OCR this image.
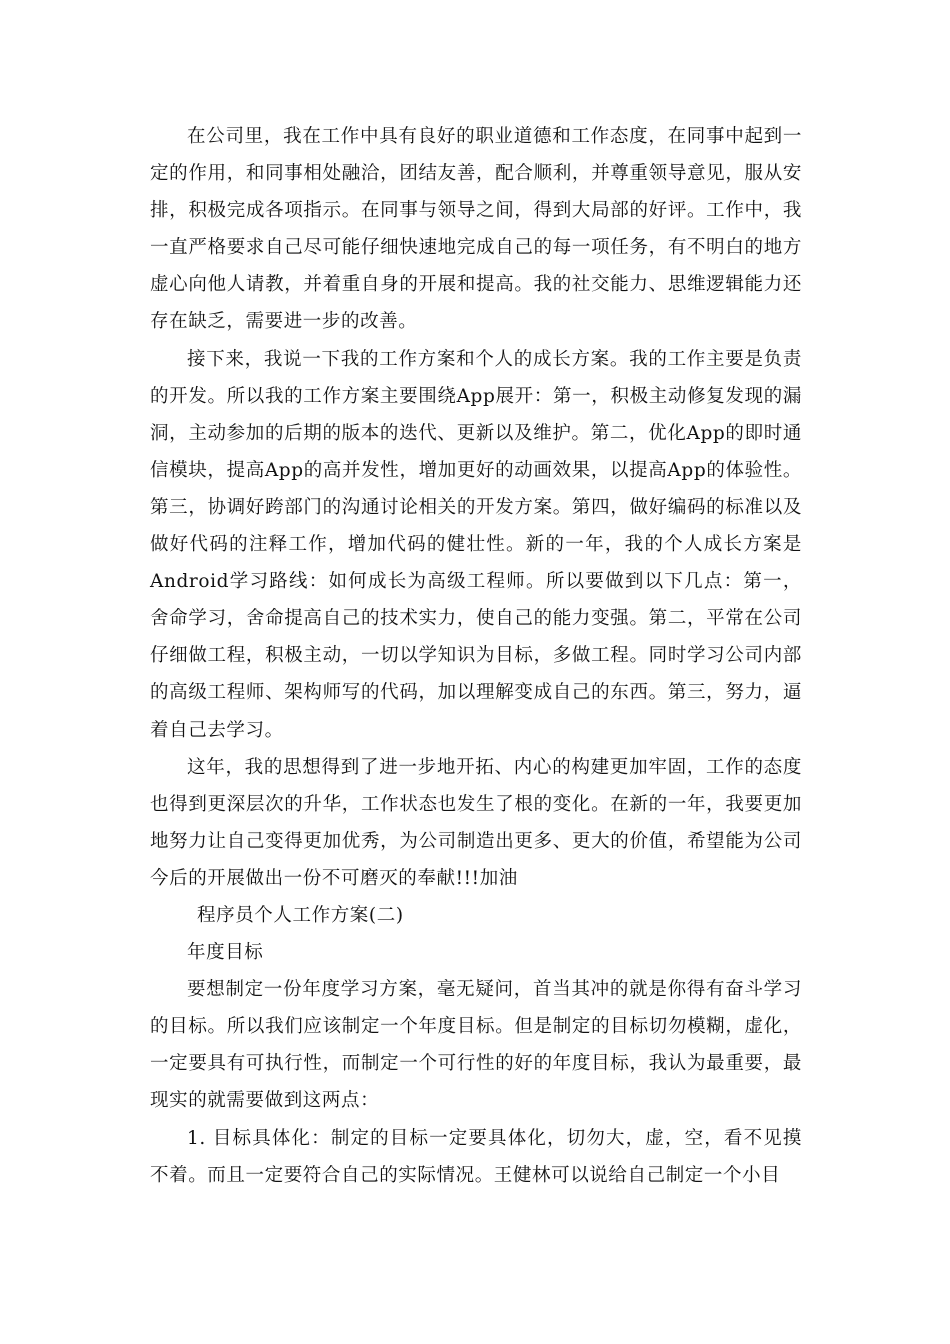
在公司里，我在工作中具有良好的职业道德和工作态度，在同事中起到一定的作用，和同事相处融洽，团结友善，配合顺利，并尊重领导意见，服从安排，积极完成各项指示。在同事与领导之间，得到大局部的好评。工作中，我一直严格要求自己尽可能仔细快速地完成自己的每一项任务，有不明白的地方虚心向他人请教，并着重自身的开展和提高。我的社交能力、思维逻辑能力还存在缺乏，需要进一步的改善。

接下来，我说一下我的工作方案和个人的成长方案。我的工作主要是负责的开发。所以我的工作方案主要围绕App展开：第一，积极主动修复发现的漏洞，主动参加的后期的版本的迭代、更新以及维护。第二，优化App的即时通信模块，提高App的高并发性，增加更好的动画效果，以提高App的体验性。第三，协调好跨部门的沟通讨论相关的开发方案。第四，做好编码的标准以及做好代码的注释工作，增加代码的健壮性。新的一年，我的个人成长方案是Android学习路线：如何成长为高级工程师。所以要做到以下几点：第一，舍命学习，舍命提高自己的技术实力，使自己的能力变强。第二，平常在公司仔细做工程，积极主动，一切以学知识为目标，多做工程。同时学习公司内部的高级工程师、架构师写的代码，加以理解变成自己的东西。第三，努力，逼着自己去学习。

这年，我的思想得到了进一步地开拓、内心的构建更加牢固，工作的态度也得到更深层次的升华，工作状态也发生了根的变化。在新的一年，我要更加地努力让自己变得更加优秀，为公司制造出更多、更大的价值，希望能为公司今后的开展做出一份不可磨灭的奉献!!!加油

程序员个人工作方案(二)

年度目标

要想制定一份年度学习方案，毫无疑问，首当其冲的就是你得有奋斗学习的目标。所以我们应该制定一个年度目标。但是制定的目标切勿模糊，虚化，一定要具有可执行性，而制定一个可行性的好的年度目标，我认为最重要，最现实的就需要做到这两点：

1. 目标具体化：制定的目标一定要具体化，切勿大，虚，空，看不见摸不着。而且一定要符合自己的实际情况。王健林可以说给自己制定一个小目
